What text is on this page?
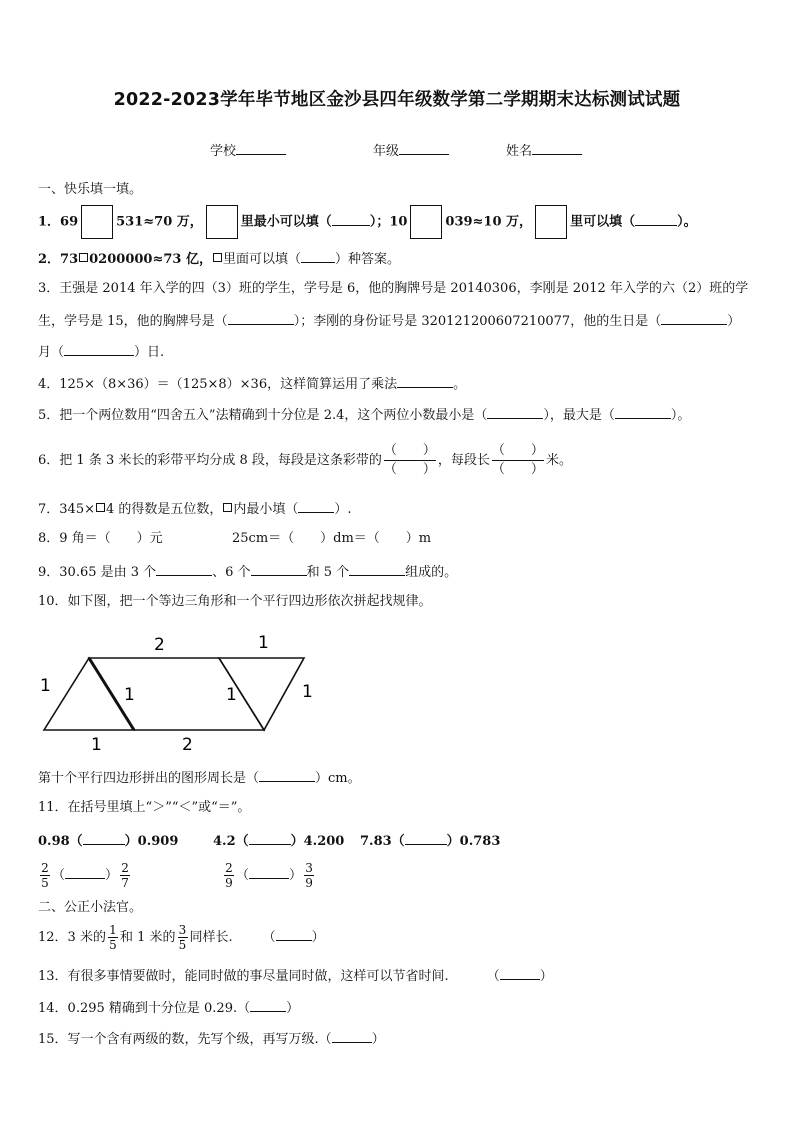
2022-2023学年毕节地区金沙县四年级数学第二学期期末达标测试试题
学校	年级	姓名
一、快乐填一填。
1．69	531≈70 万，	里最小可以填（	）；10	039≈10 万，	里可以填（	）。
2．73 0200000≈73 亿， 里面可以填（	）种答案。
3．王强是 2014 年入学的四（3）班的学生，学号是 6，他的胸牌号是 20140306，李刚是 2012 年入学的六（2）班的学
生，学号是 15，他的胸牌号是（	）；李刚的身份证号是 320121200607210077，他的生日是（	）
月（	）日.
4．125×（8×36）＝（125×8）×36，这样简算运用了乘法	。
5．把一个两位数用“四舍五入”法精确到十分位是 2.4，这个两位小数最小是（	），最大是（	）。
6．把 1 条 3 米长的彩带平均分成 8 段，每段是这条彩带的 $\frac{( )}{( )}$ ，每段长 $\frac{( )}{( )}$ 米。
7．345× 4 的得数是五位数， 内最小填（	）.
8．9 角＝（　　）元	25cm＝（　　）dm＝（　　）m
9．30.65 是由 3 个	、6 个	和 5 个	组成的。
10．如下图，把一个等边三角形和一个平行四边形依次拼起找规律。
2	1
1	1	1	1
1	2
第十个平行四边形拼出的图形周长是（	）cm。
11．在括号里填上“＞”“＜”或“＝”。
0.98（	）0.909	4.2（	）4.200 7.83（	）0.783
$\frac{2}{5}$ （	） $\frac{2}{7}$	$\frac{2}{9}$ （	） $\frac{3}{9}$
二、公正小法官。
12．3 米的 $\frac{1}{5}$ 和 1 米的 $\frac{3}{5}$ 同样长. （	）
13．有很多事情要做时，能同时做的事尽量同时做，这样可以节省时间.	（	）
14．0.295 精确到十分位是 0.29.（	）
15．写一个含有两级的数，先写个级，再写万级.（	）
